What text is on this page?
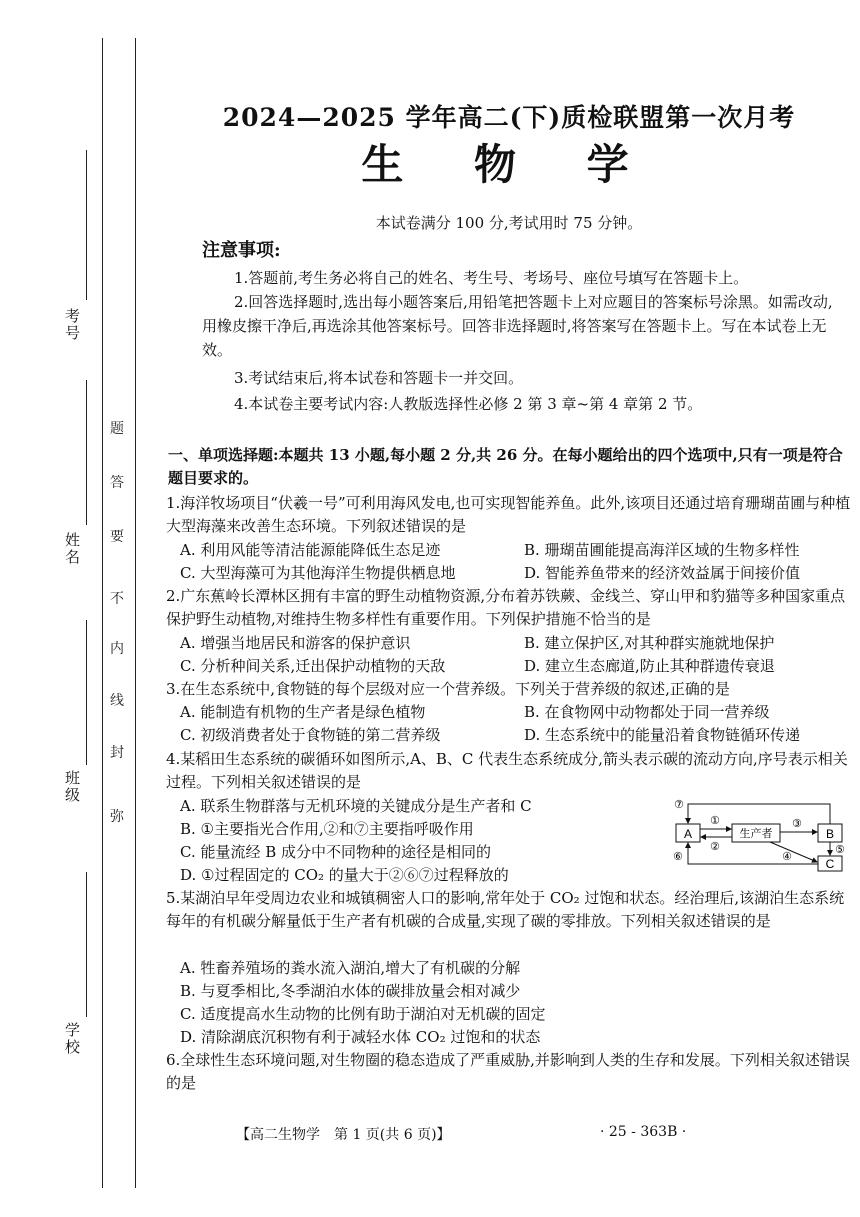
考号
姓名
班级
学校
弥
封
线
内
不
要
答
题
2024—2025 学年高二(下)质检联盟第一次月考
生 物 学
本试卷满分 100 分,考试用时 75 分钟。
注意事项:
1.答题前,考生务必将自己的姓名、考生号、考场号、座位号填写在答题卡上。
2.回答选择题时,选出每小题答案后,用铅笔把答题卡上对应题目的答案标号涂黑。如需改动,用橡皮擦干净后,再选涂其他答案标号。回答非选择题时,将答案写在答题卡上。写在本试卷上无效。
3.考试结束后,将本试卷和答题卡一并交回。
4.本试卷主要考试内容:人教版选择性必修 2 第 3 章~第 4 章第 2 节。
一、单项选择题:本题共 13 小题,每小题 2 分,共 26 分。在每小题给出的四个选项中,只有一项是符合题目要求的。
1.海洋牧场项目“伏羲一号”可利用海风发电,也可实现智能养鱼。此外,该项目还通过培育珊瑚苗圃与种植大型海藻来改善生态环境。下列叙述错误的是
A. 利用风能等清洁能源能降低生态足迹	B. 珊瑚苗圃能提高海洋区域的生物多样性
C. 大型海藻可为其他海洋生物提供栖息地	D. 智能养鱼带来的经济效益属于间接价值
2.广东蕉岭长潭林区拥有丰富的野生动植物资源,分布着苏铁蕨、金线兰、穿山甲和豹猫等多种国家重点保护野生动植物,对维持生物多样性有重要作用。下列保护措施不恰当的是
A. 增强当地居民和游客的保护意识	B. 建立保护区,对其种群实施就地保护
C. 分析种间关系,迁出保护动植物的天敌	D. 建立生态廊道,防止其种群遗传衰退
3.在生态系统中,食物链的每个层级对应一个营养级。下列关于营养级的叙述,正确的是
A. 能制造有机物的生产者是绿色植物	B. 在食物网中动物都处于同一营养级
C. 初级消费者处于食物链的第二营养级	D. 生态系统中的能量沿着食物链循环传递
4.某稻田生态系统的碳循环如图所示,A、B、C 代表生态系统成分,箭头表示碳的流动方向,序号表示相关过程。下列相关叙述错误的是
A. 联系生物群落与无机环境的关键成分是生产者和 C
B. ①主要指光合作用,②和⑦主要指呼吸作用
C. 能量流经 B 成分中不同物种的途径是相同的
D. ①过程固定的 CO₂ 的量大于②⑥⑦过程释放的
A	生产者	B
C
⑦
①
②
③
④
⑤
⑥
5.某湖泊早年受周边农业和城镇稠密人口的影响,常年处于 CO₂ 过饱和状态。经治理后,该湖泊生态系统每年的有机碳分解量低于生产者有机碳的合成量,实现了碳的零排放。下列相关叙述错误的是
A. 牲畜养殖场的粪水流入湖泊,增大了有机碳的分解
B. 与夏季相比,冬季湖泊水体的碳排放量会相对减少
C. 适度提高水生动物的比例有助于湖泊对无机碳的固定
D. 清除湖底沉积物有利于减轻水体 CO₂ 过饱和的状态
6.全球性生态环境问题,对生物圈的稳态造成了严重威胁,并影响到人类的生存和发展。下列相关叙述错误的是
【高二生物学　第 1 页(共 6 页)】	· 25 - 363B ·
